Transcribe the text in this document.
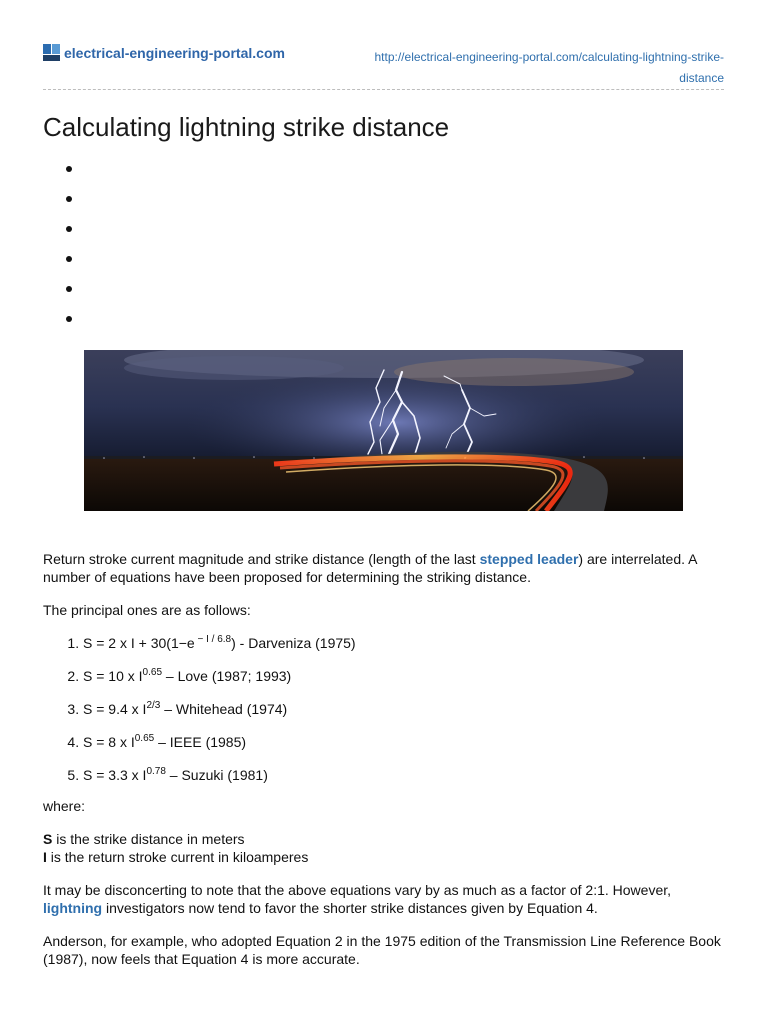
electrical-engineering-portal.com	http://electrical-engineering-portal.com/calculating-lightning-strike-
distance
Calculating lightning strike distance

Return stroke current magnitude and strike distance (length of the last stepped leader) are interrelated. A number of equations have been proposed for determining the striking distance.

The principal ones are as follows:

1. S = 2 x I + 30(1−e $^{- I / 6.8}$) - Darveniza (1975)
2. S = 10 x $I^{0.65}$ – Love (1987; 1993)
3. S = 9.4 x $I^{2/3}$ – Whitehead (1974)
4. S = 8 x $I^{0.65}$ – IEEE (1985)
5. S = 3.3 x $I^{0.78}$ – Suzuki (1981)

where:

S is the strike distance in meters
I is the return stroke current in kiloamperes

It may be disconcerting to note that the above equations vary by as much as a factor of 2:1. However, lightning investigators now tend to favor the shorter strike distances given by Equation 4.

Anderson, for example, who adopted Equation 2 in the 1975 edition of the Transmission Line Reference Book (1987), now feels that Equation 4 is more accurate.
